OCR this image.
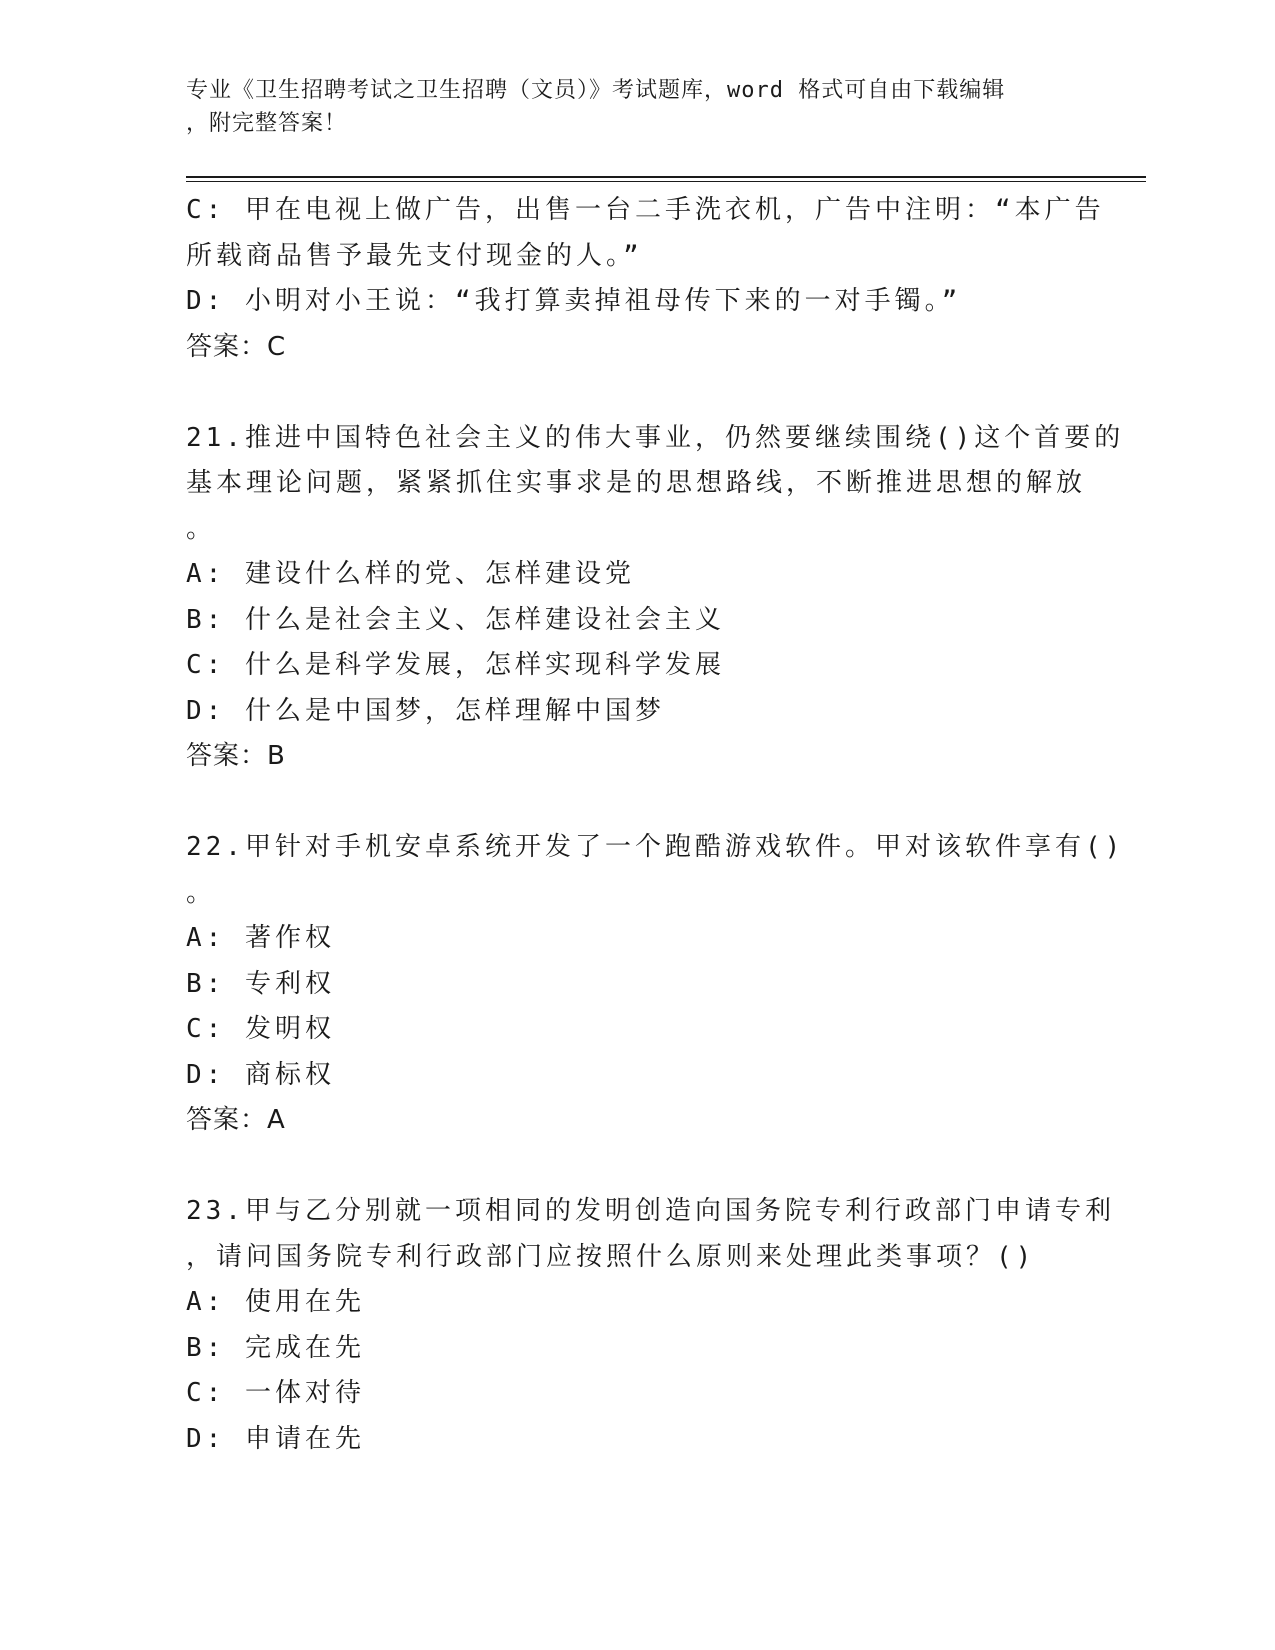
专业《卫生招聘考试之卫生招聘（文员）》考试题库，word 格式可自由下载编辑
，附完整答案！
C: 甲在电视上做广告，出售一台二手洗衣机，广告中注明：“本广告
所载商品售予最先支付现金的人。”
D: 小明对小王说：“我打算卖掉祖母传下来的一对手镯。”
答案：C
21.推进中国特色社会主义的伟大事业，仍然要继续围绕()这个首要的
基本理论问题，紧紧抓住实事求是的思想路线，不断推进思想的解放
。
A: 建设什么样的党、怎样建设党
B: 什么是社会主义、怎样建设社会主义
C: 什么是科学发展，怎样实现科学发展
D: 什么是中国梦，怎样理解中国梦
答案：B
22.甲针对手机安卓系统开发了一个跑酷游戏软件。甲对该软件享有()
。
A: 著作权
B: 专利权
C: 发明权
D: 商标权
答案：A
23.甲与乙分别就一项相同的发明创造向国务院专利行政部门申请专利
，请问国务院专利行政部门应按照什么原则来处理此类事项？()
A: 使用在先
B: 完成在先
C: 一体对待
D: 申请在先
